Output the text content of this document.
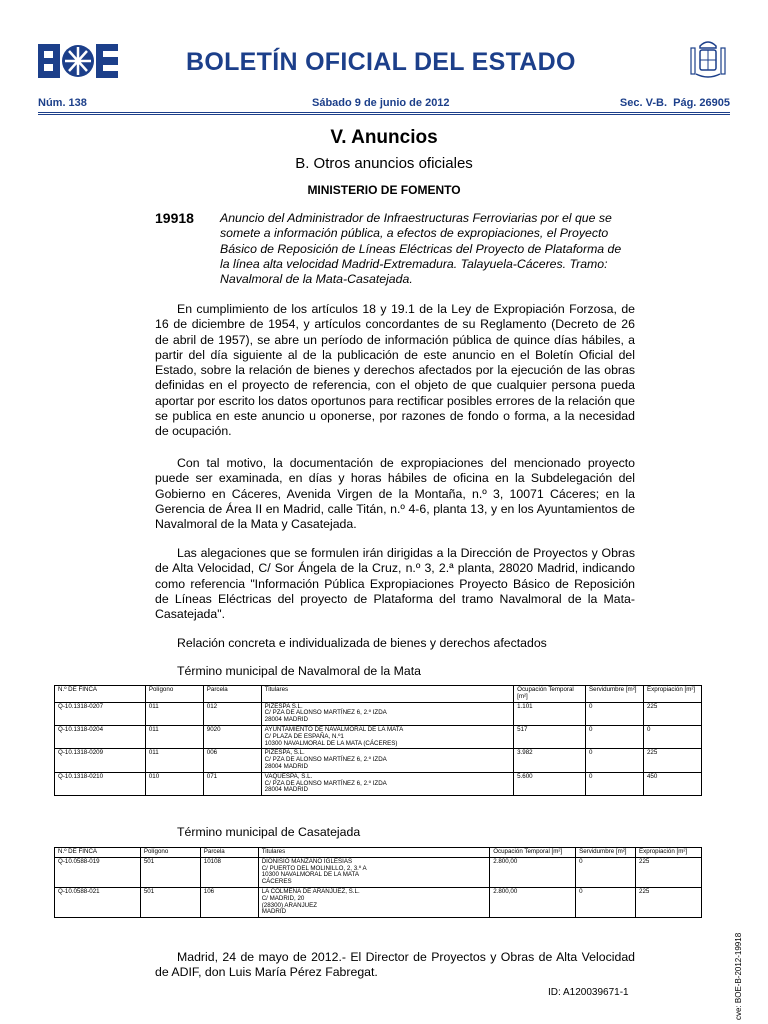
BOLETÍN OFICIAL DEL ESTADO
Núm. 138	Sábado 9 de junio de 2012	Sec. V-B.  Pág. 26905
V. Anuncios
B. Otros anuncios oficiales
MINISTERIO DE FOMENTO
19918 Anuncio del Administrador de Infraestructuras Ferroviarias por el que se somete a información pública, a efectos de expropiaciones, el Proyecto Básico de Reposición de Líneas Eléctricas del Proyecto de Plataforma de la línea alta velocidad Madrid-Extremadura. Talayuela-Cáceres. Tramo: Navalmoral de la Mata-Casatejada.
En cumplimiento de los artículos 18 y 19.1 de la Ley de Expropiación Forzosa, de 16 de diciembre de 1954, y artículos concordantes de su Reglamento (Decreto de 26 de abril de 1957), se abre un período de información pública de quince días hábiles, a partir del día siguiente al de la publicación de este anuncio en el Boletín Oficial del Estado, sobre la relación de bienes y derechos afectados por la ejecución de las obras definidas en el proyecto de referencia, con el objeto de que cualquier persona pueda aportar por escrito los datos oportunos para rectificar posibles errores de la relación que se publica en este anuncio u oponerse, por razones de fondo o forma, a la necesidad de ocupación.
Con tal motivo, la documentación de expropiaciones del mencionado proyecto puede ser examinada, en días y horas hábiles de oficina en la Subdelegación del Gobierno en Cáceres, Avenida Virgen de la Montaña, n.º 3, 10071 Cáceres; en la Gerencia de Área II en Madrid, calle Titán, n.º 4-6, planta 13, y en los Ayuntamientos de Navalmoral de la Mata y Casatejada.
Las alegaciones que se formulen irán dirigidas a la Dirección de Proyectos y Obras de Alta Velocidad, C/ Sor Ángela de la Cruz, n.º 3, 2.ª planta, 28020 Madrid, indicando como referencia "Información Pública Expropiaciones Proyecto Básico de Reposición de Líneas Eléctricas del proyecto de Plataforma del tramo Navalmoral de la Mata-Casatejada".
Relación concreta e individualizada de bienes y derechos afectados
Término municipal de Navalmoral de la Mata
N.º DE FINCA	Polígono	Parcela	Titulares	Ocupación Temporal [m²]	Servidumbre [m²]	Expropiación [m²]
Q-10.1318-0207	011	012	PIZESPA S.L.
C/ PZA DE ALONSO MARTÍNEZ 6, 2.º IZDA
28004 MADRID	1.101	0	225
Q-10.1318-0204	011	9020	AYUNTAMIENTO DE NAVALMORAL DE LA MATA
C/ PLAZA DE ESPAÑA, N.º1
10300 NAVALMORAL DE LA MATA (CÁCERES)	517	0	0
Q-10.1318-0209	011	006	PIZESPA, S.L.
C/ PZA DE ALONSO MARTÍNEZ 6, 2.º IZDA
28004 MADRID	3.982	0	225
Q-10.1318-0210	010	071	VAQUESPA, S.L.
C/ PZA DE ALONSO MARTÍNEZ 6, 2.º IZDA
28004 MADRID	5.600	0	450
Término municipal de Casatejada
N.º DE FINCA	Polígono	Parcela	Titulares	Ocupación Temporal [m²]	Servidumbre [m²]	Expropiación [m²]
Q-10.0588-019	501	10108	DIONISIO MANZANO IGLESIAS
C/ PUERTO DEL MOLINILLO, 2, 3.º A
10300 NAVALMORAL DE LA MATA
CÁCERES	2.800,00	0	225
Q-10.0588-021	501	106	LA COLMENA DE ARANJUEZ, S.L.
C/ MADRID, 20
(28300) ARANJUEZ
MADRID	2.800,00	0	225
Madrid, 24 de mayo de 2012.- El Director de Proyectos y Obras de Alta Velocidad de ADIF, don Luis María Pérez Fabregat.
ID: A120039671-1	cve: BOE-B-2012-19918
